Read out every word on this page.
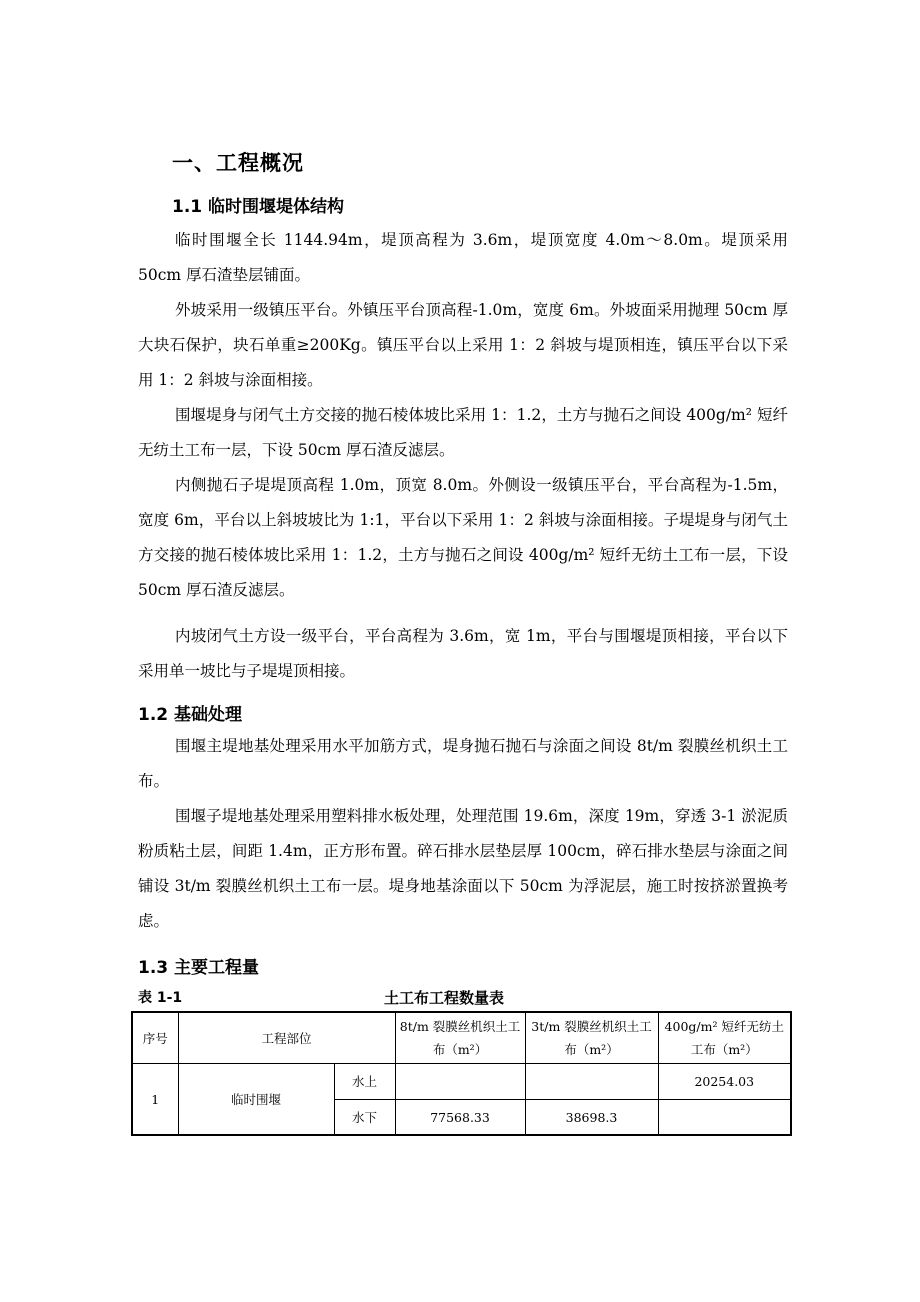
一、工程概况
1.1 临时围堰堤体结构

临时围堰全长 1144.94m，堤顶高程为 3.6m，堤顶宽度 4.0m～8.0m。堤顶采用 50cm 厚石渣垫层铺面。

外坡采用一级镇压平台。外镇压平台顶高程-1.0m，宽度 6m。外坡面采用抛理 50cm 厚大块石保护，块石单重≥200Kg。镇压平台以上采用 1：2 斜坡与堤顶相连，镇压平台以下采用 1：2 斜坡与涂面相接。

围堰堤身与闭气土方交接的抛石棱体坡比采用 1：1.2，土方与抛石之间设 400g/m² 短纤无纺土工布一层，下设 50cm 厚石渣反滤层。

内侧抛石子堤堤顶高程 1.0m，顶宽 8.0m。外侧设一级镇压平台，平台高程为-1.5m，宽度 6m，平台以上斜坡坡比为 1:1，平台以下采用 1：2 斜坡与涂面相接。子堤堤身与闭气土方交接的抛石棱体坡比采用 1：1.2，土方与抛石之间设 400g/m² 短纤无纺土工布一层，下设 50cm 厚石渣反滤层。

内坡闭气土方设一级平台，平台高程为 3.6m，宽 1m，平台与围堰堤顶相接，平台以下采用单一坡比与子堤堤顶相接。

1.2 基础处理

围堰主堤地基处理采用水平加筋方式，堤身抛石抛石与涂面之间设 8t/m 裂膜丝机织土工布。

围堰子堤地基处理采用塑料排水板处理，处理范围 19.6m，深度 19m，穿透 3-1 淤泥质粉质粘土层，间距 1.4m，正方形布置。碎石排水层垫层厚 100cm，碎石排水垫层与涂面之间铺设 3t/m 裂膜丝机织土工布一层。堤身地基涂面以下 50cm 为浮泥层，施工时按挤淤置换考虑。

1.3 主要工程量
表 1-1	土工布工程数量表
序号	工程部位		8t/m 裂膜丝机织土工布（m²）	3t/m 裂膜丝机织土工布（m²）	400g/m² 短纤无纺土工布（m²）
1	临时围堰	水上			20254.03
		水下	77568.33	38698.3	
